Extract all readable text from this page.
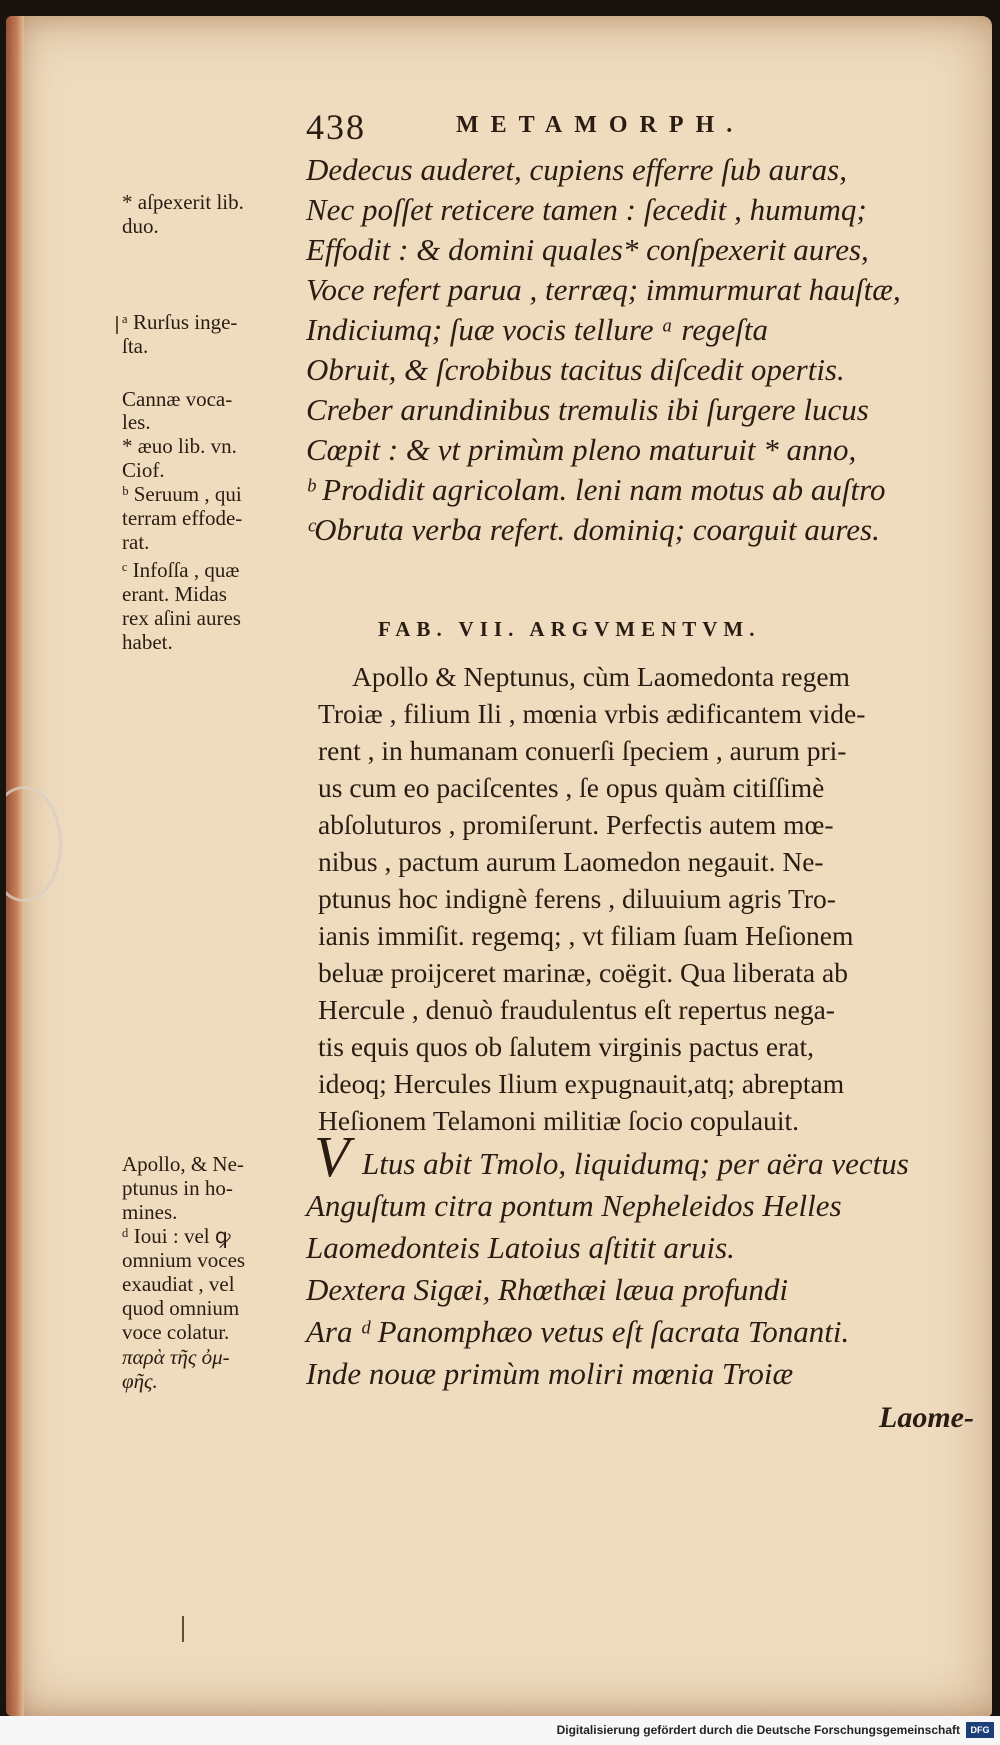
438	METAMORPH.
Dedecus auderet, cupiens efferre ſub auras,
Nec poſſet reticere tamen : ſecedit , humumq;
Effodit : & domini quales* conſpexerit aures,
Voce refert parua , terræq; immurmurat hauſtæ,
Indiciumq; ſuæ vocis tellure ᵃ regeſta
Obruit, & ſcrobibus tacitus diſcedit opertis.
Creber arundinibus tremulis ibi ſurgere lucus
Cœpit : & vt primùm pleno maturuit * anno,
ᵇ Prodidit agricolam. leni nam motus ab auſtro
ᶜObruta verba refert. dominiq; coarguit aures.
* aſpexerit lib.
duo.
ᵃ Rurſus inge-
ſta.
Cannæ voca-
les.
* æuo lib. vn.
Ciof.
ᵇ Seruum , qui
terram effode-
rat.
ᶜ Infoſſa , quæ
erant. Midas
rex aſini aures
habet.
FAB. VII. ARGVMENTVM.
Apollo & Neptunus, cùm Laomedonta regem
Troiæ , filium Ili , mœnia vrbis ædificantem vide-
rent , in humanam conuerſi ſpeciem , aurum pri-
us cum eo paciſcentes , ſe opus quàm citiſſimè
abſoluturos , promiſerunt. Perfectis autem mœ-
nibus , pactum aurum Laomedon negauit. Ne-
ptunus hoc indignè ferens , diluuium agris Tro-
ianis immiſit. regemq; , vt filiam ſuam Heſionem
beluæ proijceret marinæ, coëgit. Qua liberata ab
Hercule , denuò fraudulentus eſt repertus nega-
tis equis quos ob ſalutem virginis pactus erat,
ideoq; Hercules Ilium expugnauit,atq; abreptam
Heſionem Telamoni militiæ ſocio copulauit.
V Ltus abit Tmolo, liquidumq; per aëra vectus
Anguſtum citra pontum Nepheleidos Helles
Laomedonteis Latoius aſtitit aruis.
Dextera Sigæi, Rhœthæi læua profundi
Ara ᵈ Panomphæo vetus eſt ſacrata Tonanti.
Inde nouæ primùm moliri mœnia Troiæ
Apollo, & Ne-
ptunus in ho-
mines.
ᵈ Ioui : vel ꝙ
omnium voces
exaudiat , vel
quod omnium
voce colatur.
παρὰ τῆς ὀμ-
φῆς.
Laome-
Digitalisierung gefördert durch die Deutsche Forschungsgemeinschaft	DFG
